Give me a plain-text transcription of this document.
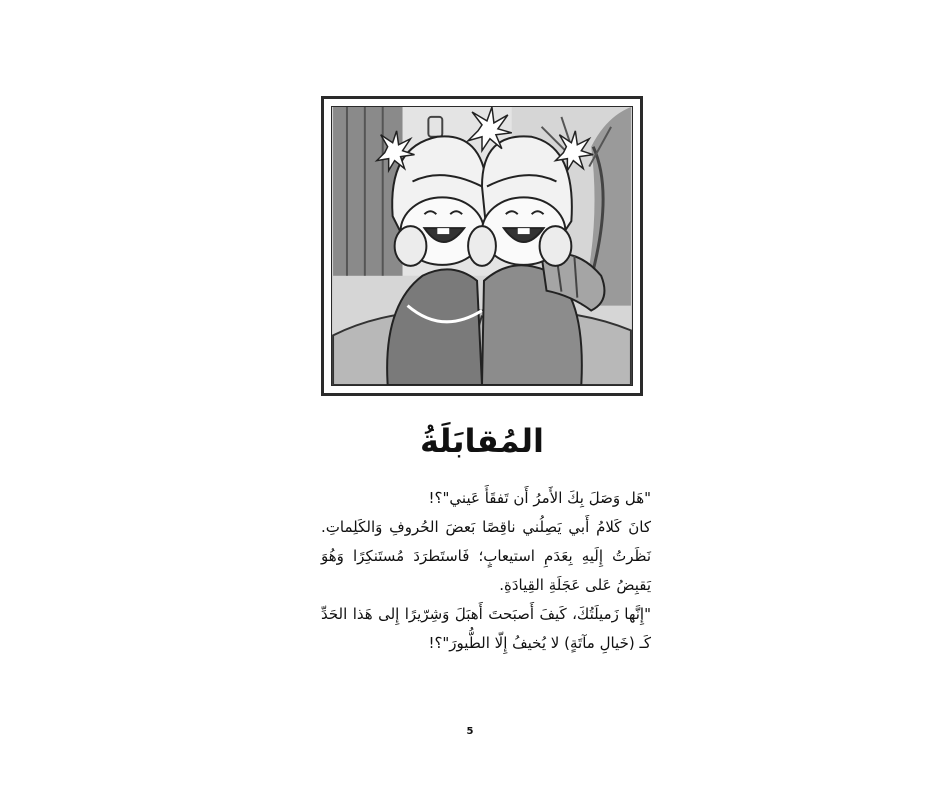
المُقابَلَةُ

"هَل وَصَلَ بِكَ الأَمرُ أَن تَفقَأَ عَيني"؟!

كانَ كَلامُ أَبي يَصِلُني ناقِصًا بَعضَ الحُروفِ وَالكَلِماتِ. نَظَرتُ إِلَيهِ بِعَدَمِ استيعابٍ؛ فَاستَطرَدَ مُستَنكِرًا وَهُوَ يَقبِضُ عَلى عَجَلَةِ القِيادَةِ.

"إِنَّها زَميلَتُكَ، كَيفَ أَصبَحتَ أَهبَلَ وَشِرّيرًا إِلى هَذا الحَدِّ كَـ (خَيالِ مآتَةٍ) لا يُخيفُ إِلّا الطُّيورَ"؟!

5
